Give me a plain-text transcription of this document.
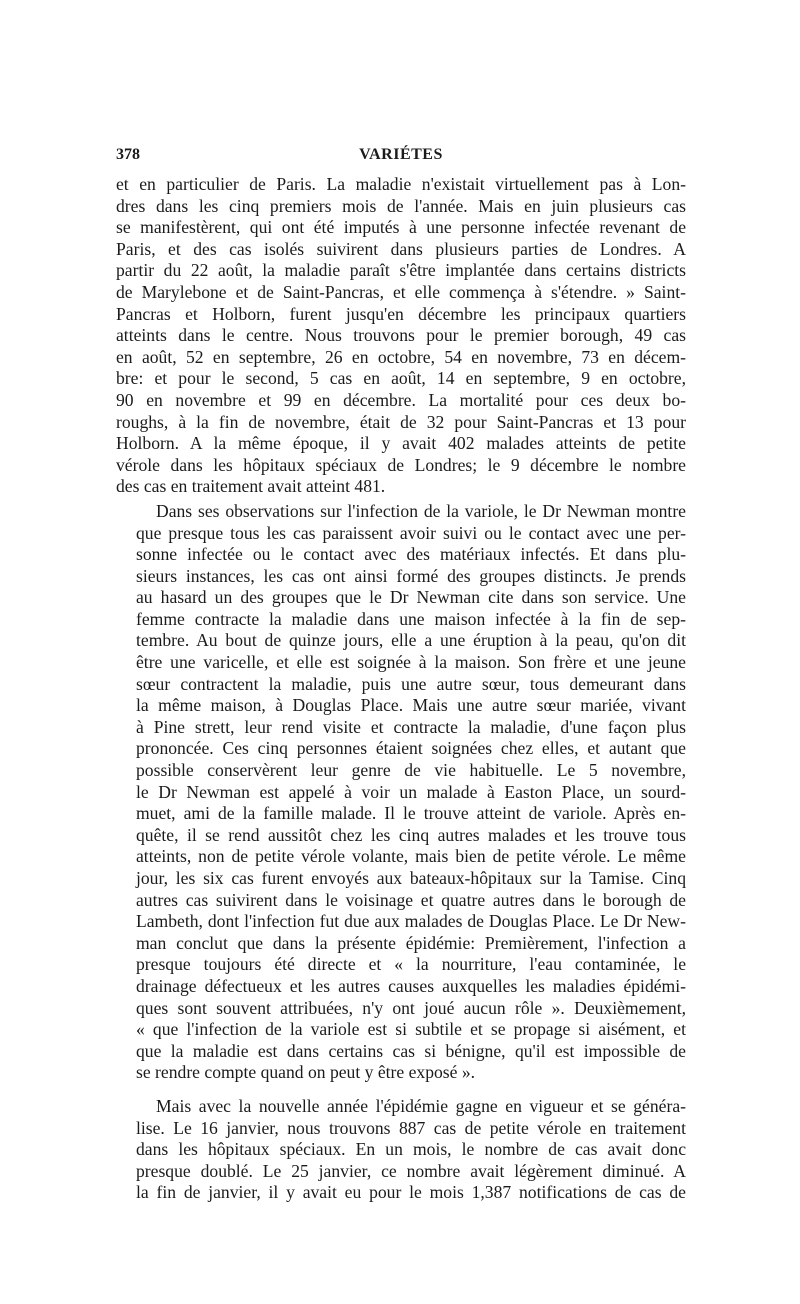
378	VARIÉTES
et en particulier de Paris. La maladie n'existait virtuellement pas à Lon-
dres dans les cinq premiers mois de l'année. Mais en juin plusieurs cas
se manifestèrent, qui ont été imputés à une personne infectée revenant de
Paris, et des cas isolés suivirent dans plusieurs parties de Londres. A
partir du 22 août, la maladie paraît s'être implantée dans certains districts
de Marylebone et de Saint-Pancras, et elle commença à s'étendre. » Saint-
Pancras et Holborn, furent jusqu'en décembre les principaux quartiers
atteints dans le centre. Nous trouvons pour le premier borough, 49 cas
en août, 52 en septembre, 26 en octobre, 54 en novembre, 73 en décem-
bre: et pour le second, 5 cas en août, 14 en septembre, 9 en octobre,
90 en novembre et 99 en décembre. La mortalité pour ces deux bo-
roughs, à la fin de novembre, était de 32 pour Saint-Pancras et 13 pour
Holborn. A la même époque, il y avait 402 malades atteints de petite
vérole dans les hôpitaux spéciaux de Londres; le 9 décembre le nombre
des cas en traitement avait atteint 481.
Dans ses observations sur l'infection de la variole, le Dr Newman montre
que presque tous les cas paraissent avoir suivi ou le contact avec une per-
sonne infectée ou le contact avec des matériaux infectés. Et dans plu-
sieurs instances, les cas ont ainsi formé des groupes distincts. Je prends
au hasard un des groupes que le Dr Newman cite dans son service. Une
femme contracte la maladie dans une maison infectée à la fin de sep-
tembre. Au bout de quinze jours, elle a une éruption à la peau, qu'on dit
être une varicelle, et elle est soignée à la maison. Son frère et une jeune
sœur contractent la maladie, puis une autre sœur, tous demeurant dans
la même maison, à Douglas Place. Mais une autre sœur mariée, vivant
à Pine strett, leur rend visite et contracte la maladie, d'une façon plus
prononcée. Ces cinq personnes étaient soignées chez elles, et autant que
possible conservèrent leur genre de vie habituelle. Le 5 novembre,
le Dr Newman est appelé à voir un malade à Easton Place, un sourd-
muet, ami de la famille malade. Il le trouve atteint de variole. Après en-
quête, il se rend aussitôt chez les cinq autres malades et les trouve tous
atteints, non de petite vérole volante, mais bien de petite vérole. Le même
jour, les six cas furent envoyés aux bateaux-hôpitaux sur la Tamise. Cinq
autres cas suivirent dans le voisinage et quatre autres dans le borough de
Lambeth, dont l'infection fut due aux malades de Douglas Place. Le Dr New-
man conclut que dans la présente épidémie: Premièrement, l'infection a
presque toujours été directe et « la nourriture, l'eau contaminée, le
drainage défectueux et les autres causes auxquelles les maladies épidémi-
ques sont souvent attribuées, n'y ont joué aucun rôle ». Deuxièmement,
« que l'infection de la variole est si subtile et se propage si aisément, et
que la maladie est dans certains cas si bénigne, qu'il est impossible de
se rendre compte quand on peut y être exposé ».
Mais avec la nouvelle année l'épidémie gagne en vigueur et se généra-
lise. Le 16 janvier, nous trouvons 887 cas de petite vérole en traitement
dans les hôpitaux spéciaux. En un mois, le nombre de cas avait donc
presque doublé. Le 25 janvier, ce nombre avait légèrement diminué. A
la fin de janvier, il y avait eu pour le mois 1,387 notifications de cas de
